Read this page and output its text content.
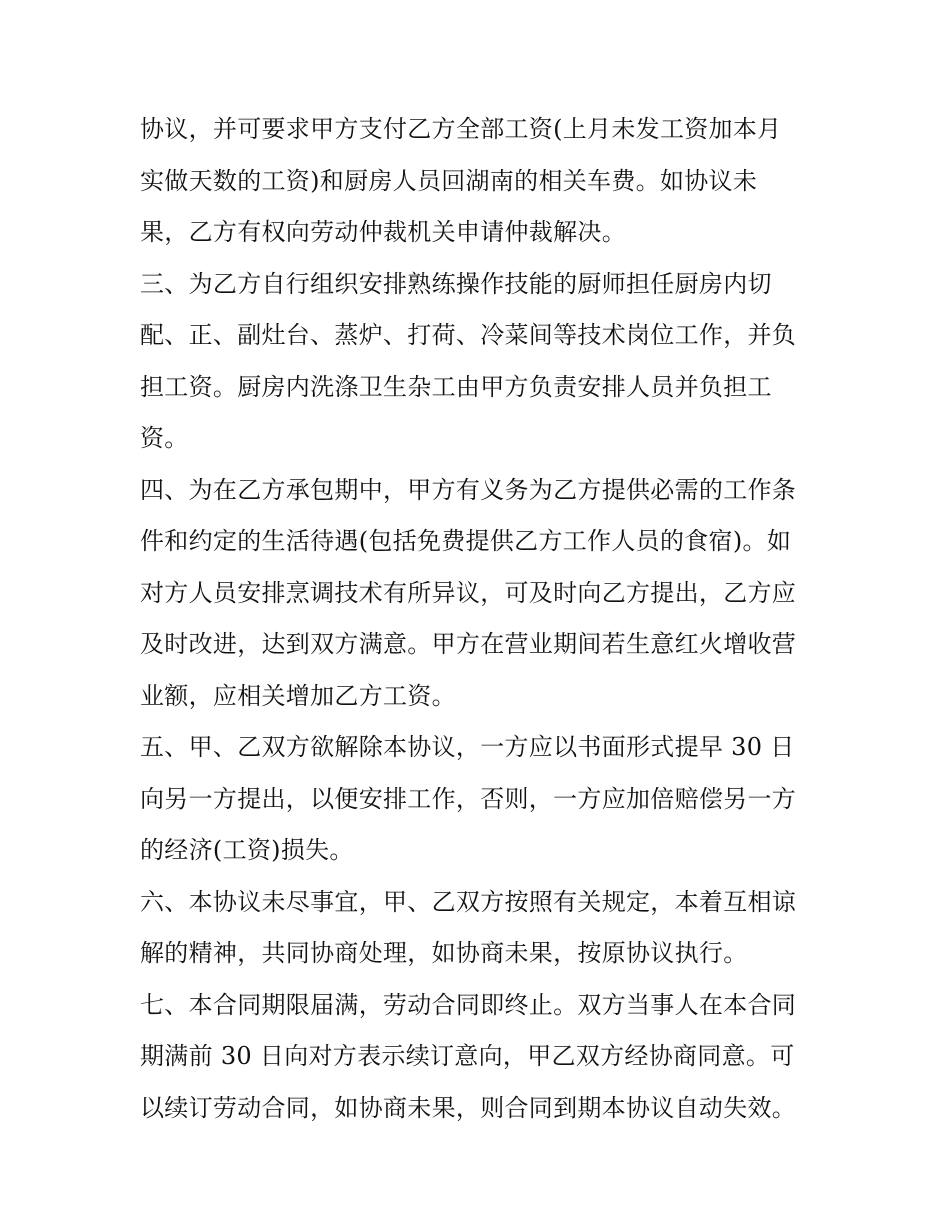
协议，并可要求甲方支付乙方全部工资(上月未发工资加本月
实做天数的工资)和厨房人员回湖南的相关车费。如协议未
果，乙方有权向劳动仲裁机关申请仲裁解决。
三、为乙方自行组织安排熟练操作技能的厨师担任厨房内切
配、正、副灶台、蒸炉、打荷、冷菜间等技术岗位工作，并负
担工资。厨房内洗涤卫生杂工由甲方负责安排人员并负担工
资。
四、为在乙方承包期中，甲方有义务为乙方提供必需的工作条
件和约定的生活待遇(包括免费提供乙方工作人员的食宿)。如
对方人员安排烹调技术有所异议，可及时向乙方提出，乙方应
及时改进，达到双方满意。甲方在营业期间若生意红火增收营
业额，应相关增加乙方工资。
五、甲、乙双方欲解除本协议，一方应以书面形式提早 30 日
向另一方提出，以便安排工作，否则，一方应加倍赔偿另一方
的经济(工资)损失。
六、本协议未尽事宜，甲、乙双方按照有关规定，本着互相谅
解的精神，共同协商处理，如协商未果，按原协议执行。
七、本合同期限届满，劳动合同即终止。双方当事人在本合同
期满前 30 日向对方表示续订意向，甲乙双方经协商同意。可
以续订劳动合同，如协商未果，则合同到期本协议自动失效。
